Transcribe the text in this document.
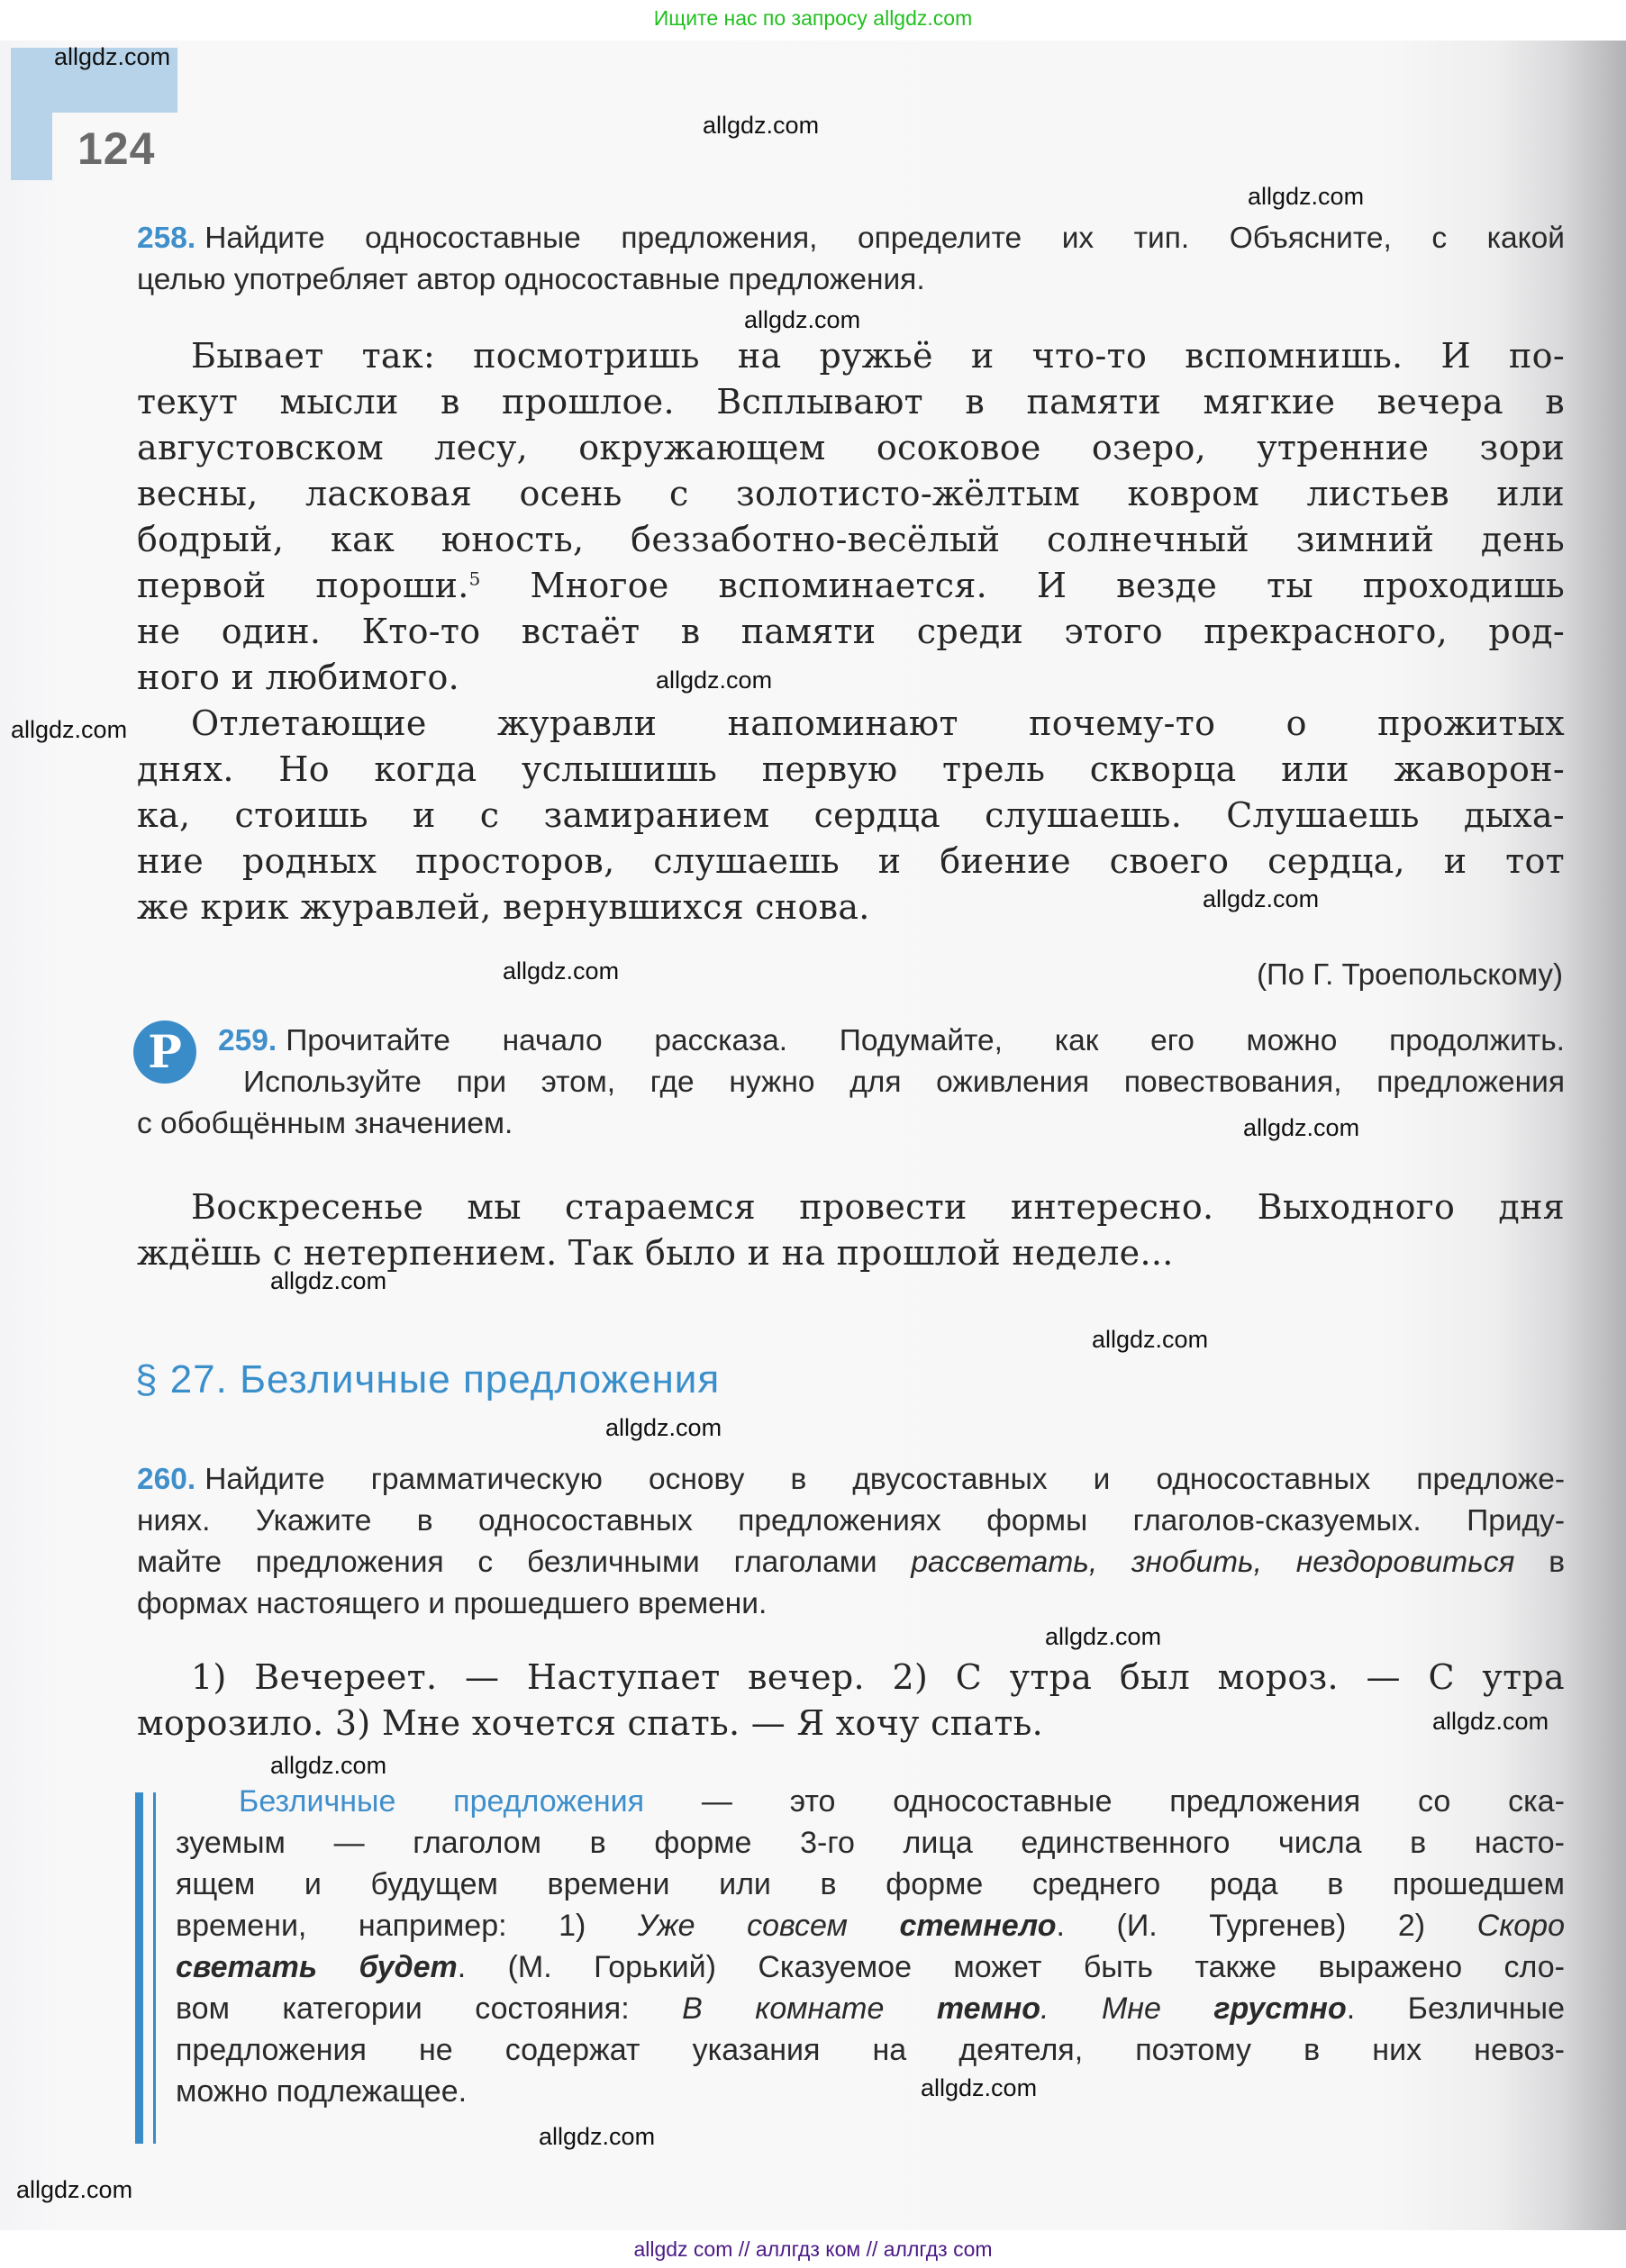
Ищите нас по запросу allgdz.com
124
258. Найдите односоставные предложения, определите их тип. Объясните, с какой
целью употребляет автор односоставные предложения.
Бывает так: посмотришь на ружьё и что-то вспомнишь. И по-
текут мысли в прошлое. Всплывают в памяти мягкие вечера в
августовском лесу, окружающем осоковое озеро, утренние зори
весны, ласковая осень с золотисто-жёлтым ковром листьев или
бодрый, как юность, беззаботно-весёлый солнечный зимний день
первой пороши.$^5$ Многое вспоминается. И везде ты проходишь
не один. Кто-то встаёт в памяти среди этого прекрасного, род-
ного и любимого.
Отлетающие журавли напоминают почему-то о прожитых
днях. Но когда услышишь первую трель скворца или жаворон-
ка, стоишь и с замиранием сердца слушаешь. Слушаешь дыха-
ние родных просторов, слушаешь и биение своего сердца, и тот
же крик журавлей, вернувшихся снова.
(По Г. Троепольскому)
Р	259. Прочитайте начало рассказа. Подумайте, как его можно продолжить.
Используйте при этом, где нужно для оживления повествования, предложения
с обобщённым значением.
Воскресенье мы стараемся провести интересно. Выходного дня
ждёшь с нетерпением. Так было и на прошлой неделе...
§ 27. Безличные предложения
260. Найдите грамматическую основу в двусоставных и односоставных предложе-
ниях. Укажите в односоставных предложениях формы глаголов-сказуемых. Приду-
майте предложения с безличными глаголами рассветать, знобить, нездоровиться в
формах настоящего и прошедшего времени.
1) Вечереет. — Наступает вечер. 2) С утра был мороз. — С утра
морозило. 3) Мне хочется спать. — Я хочу спать.
Безличные предложения — это односоставные предложения со ска-
зуемым — глаголом в форме 3-го лица единственного числа в насто-
ящем и будущем времени или в форме среднего рода в прошедшем
времени, например: 1) Уже совсем стемнело. (И. Тургенев) 2) Скоро
светать будет. (М. Горький) Сказуемое может быть также выражено сло-
вом категории состояния: В комнате темно. Мне грустно. Безличные
предложения не содержат указания на деятеля, поэтому в них невоз-
можно подлежащее.
allgdz.com
allgdz.com
allgdz.com
allgdz.com
allgdz.com
allgdz.com
allgdz.com
allgdz.com
allgdz.com
allgdz.com
allgdz.com
allgdz.com
allgdz.com
allgdz.com
allgdz.com
allgdz.com
allgdz.com
allgdz.com
allgdz com // аллгдз ком // аллгдз com
